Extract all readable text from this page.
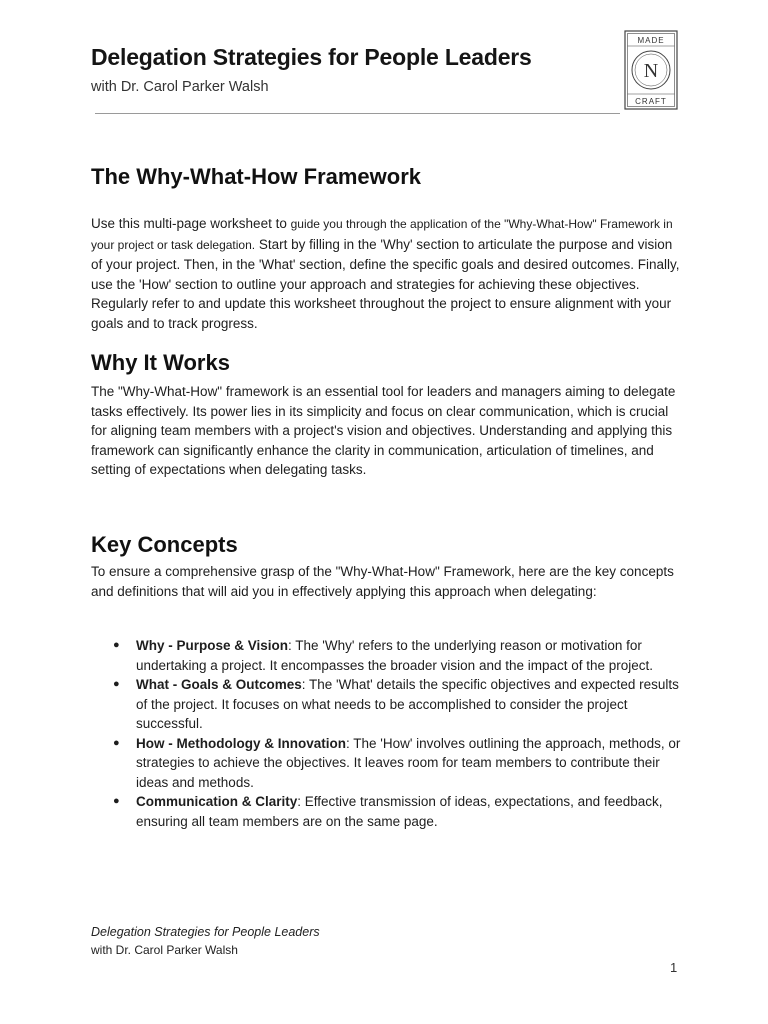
Delegation Strategies for People Leaders

with Dr. Carol Parker Walsh

MADE
N
CRAFT
The Why-What-How Framework

Use this multi-page worksheet to guide you through the application of the "Why-What-How" Framework in your project or task delegation. Start by filling in the 'Why' section to articulate the purpose and vision of your project. Then, in the 'What' section, define the specific goals and desired outcomes. Finally, use the 'How' section to outline your approach and strategies for achieving these objectives. Regularly refer to and update this worksheet throughout the project to ensure alignment with your goals and to track progress.

Why It Works

The "Why-What-How" framework is an essential tool for leaders and managers aiming to delegate tasks effectively. Its power lies in its simplicity and focus on clear communication, which is crucial for aligning team members with a project's vision and objectives. Understanding and applying this framework can significantly enhance the clarity in communication, articulation of timelines, and setting of expectations when delegating tasks.

Key Concepts

To ensure a comprehensive grasp of the "Why-What-How" Framework, here are the key concepts and definitions that will aid you in effectively applying this approach when delegating:

● Why - Purpose & Vision: The 'Why' refers to the underlying reason or motivation for undertaking a project. It encompasses the broader vision and the impact of the project.
● What - Goals & Outcomes: The 'What' details the specific objectives and expected results of the project. It focuses on what needs to be accomplished to consider the project successful.
● How - Methodology & Innovation: The 'How' involves outlining the approach, methods, or strategies to achieve the objectives. It leaves room for team members to contribute their ideas and methods.
● Communication & Clarity: Effective transmission of ideas, expectations, and feedback, ensuring all team members are on the same page.

Delegation Strategies for People Leaders

with Dr. Carol Parker Walsh

1
